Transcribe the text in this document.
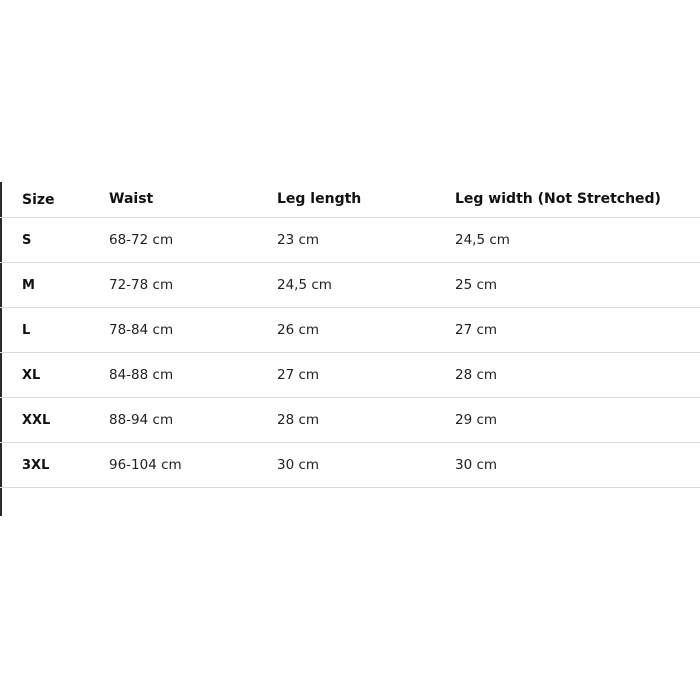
Size	Waist	Leg length	Leg width (Not Stretched)
S	68-72 cm	23 cm	24,5 cm
M	72-78 cm	24,5 cm	25 cm
L	78-84 cm	26 cm	27 cm
XL	84-88 cm	27 cm	28 cm
XXL	88-94 cm	28 cm	29 cm
3XL	96-104 cm	30 cm	30 cm
